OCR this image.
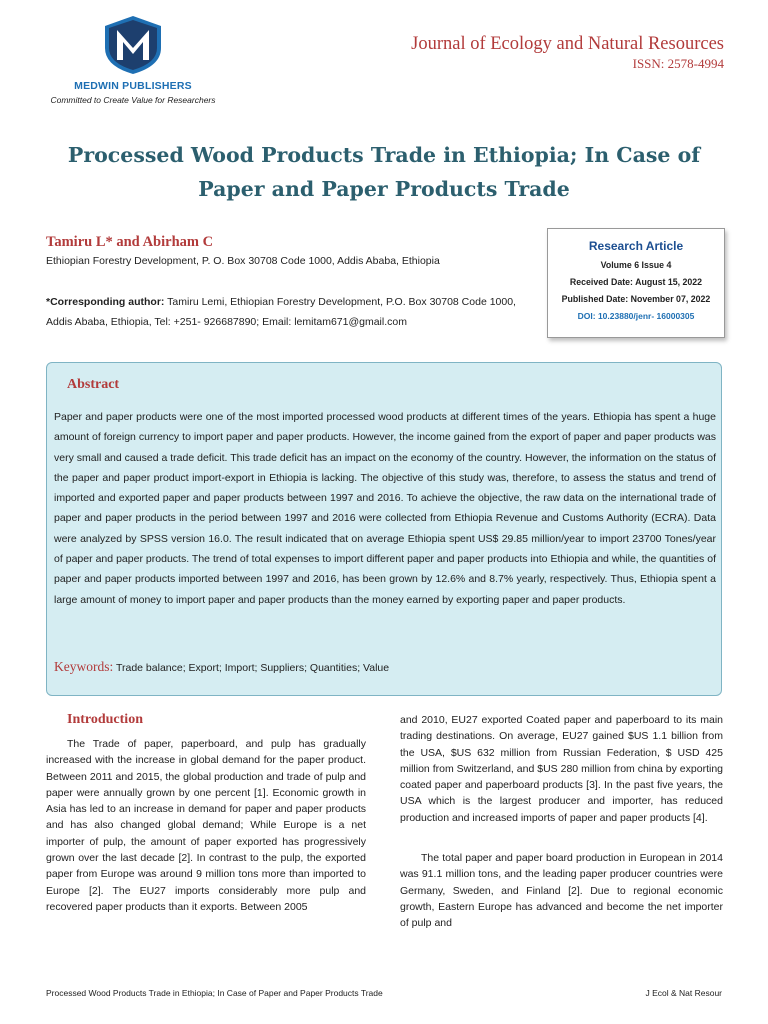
MEDWIN PUBLISHERS
Committed to Create Value for Researchers
Journal of Ecology and Natural Resources
ISSN: 2578-4994
Processed Wood Products Trade in Ethiopia; In Case of Paper and Paper Products Trade
Tamiru L* and Abirham C
Ethiopian Forestry Development, P. O. Box 30708 Code 1000, Addis Ababa, Ethiopia
*Corresponding author: Tamiru Lemi, Ethiopian Forestry Development, P.O. Box 30708 Code 1000, Addis Ababa, Ethiopia, Tel: +251- 926687890; Email: lemitam671@gmail.com
Research Article
Volume 6 Issue 4
Received Date: August 15, 2022
Published Date: November 07, 2022
DOI: 10.23880/jenr- 16000305
Abstract

Paper and paper products were one of the most imported processed wood products at different times of the years. Ethiopia has spent a huge amount of foreign currency to import paper and paper products. However, the income gained from the export of paper and paper products was very small and caused a trade deficit. This trade deficit has an impact on the economy of the country. However, the information on the status of the paper and paper product import-export in Ethiopia is lacking. The objective of this study was, therefore, to assess the status and trend of imported and exported paper and paper products between 1997 and 2016. To achieve the objective, the raw data on the international trade of paper and paper products in the period between 1997 and 2016 were collected from Ethiopia Revenue and Customs Authority (ECRA). Data were analyzed by SPSS version 16.0. The result indicated that on average Ethiopia spent US$ 29.85 million/year to import 23700 Tones/year of paper and paper products. The trend of total expenses to import different paper and paper products into Ethiopia and while, the quantities of paper and paper products imported between 1997 and 2016, has been grown by 12.6% and 8.7% yearly, respectively. Thus, Ethiopia spent a large amount of money to import paper and paper products than the money earned by exporting paper and paper products.

Keywords: Trade balance; Export; Import; Suppliers; Quantities; Value
Introduction

The Trade of paper, paperboard, and pulp has gradually increased with the increase in global demand for the paper product. Between 2011 and 2015, the global production and trade of pulp and paper were annually grown by one percent [1]. Economic growth in Asia has led to an increase in demand for paper and paper products and has also changed global demand; While Europe is a net importer of pulp, the amount of paper exported has progressively grown over the last decade [2]. In contrast to the pulp, the exported paper from Europe was around 9 million tons more than imported to Europe [2]. The EU27 imports considerably more pulp and recovered paper products than it exports. Between 2005

and 2010, EU27 exported Coated paper and paperboard to its main trading destinations. On average, EU27 gained $US 1.1 billion from the USA, $US 632 million from Russian Federation, $ USD 425 million from Switzerland, and $US 280 million from china by exporting coated paper and paperboard products [3]. In the past five years, the USA which is the largest producer and importer, has reduced production and increased imports of paper and paper products [4].

The total paper and paper board production in European in 2014 was 91.1 million tons, and the leading paper producer countries were Germany, Sweden, and Finland [2]. Due to regional economic growth, Eastern Europe has advanced and become the net importer of pulp and

Processed Wood Products Trade in Ethiopia; In Case of Paper and Paper Products Trade	J Ecol & Nat Resour
